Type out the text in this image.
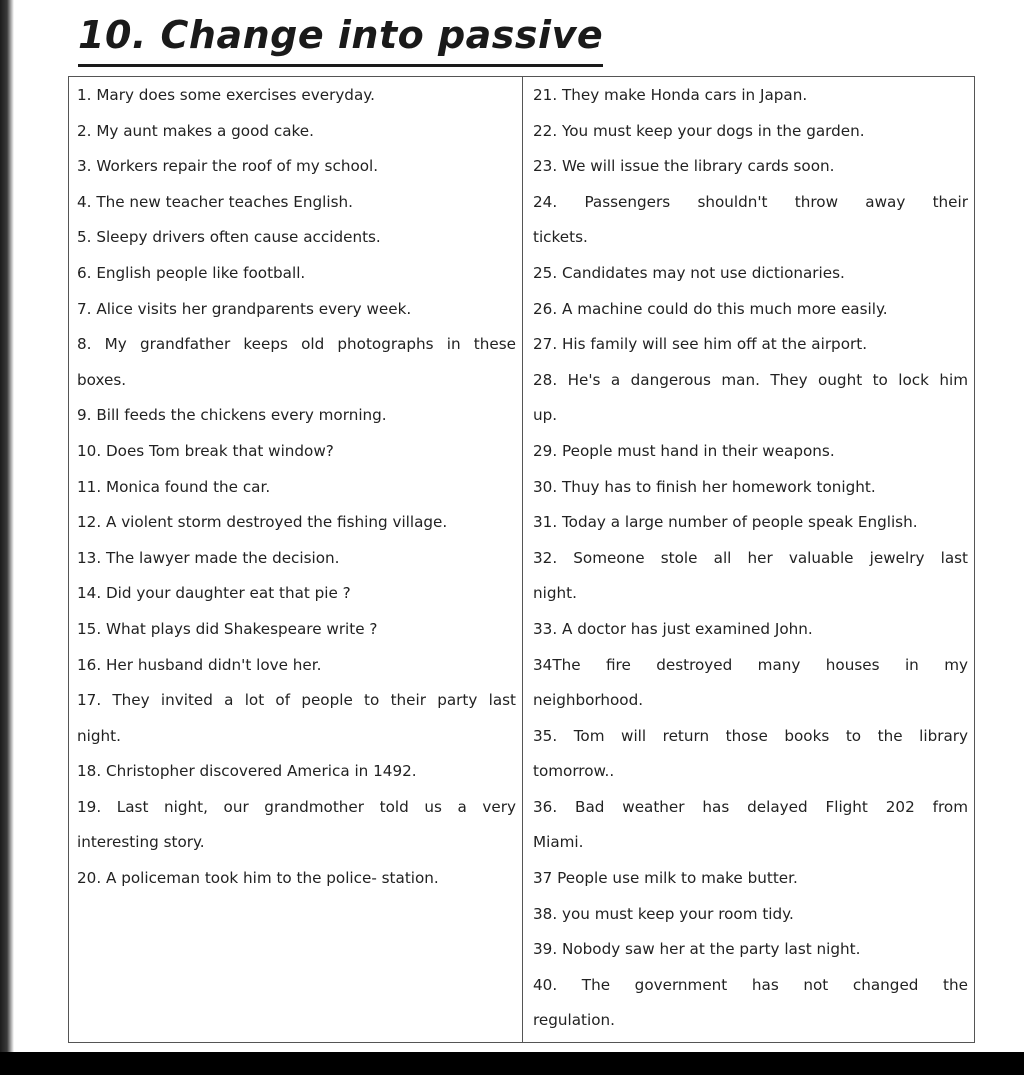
10. Change into passive
1. Mary does some exercises everyday.
2. My aunt makes a good cake.
3. Workers repair the roof of my school.
4. The new teacher teaches English.
5. Sleepy drivers often cause accidents.
6. English people like football.
7. Alice visits her grandparents every week.
8. My grandfather keeps old photographs in these
boxes.
9. Bill feeds the chickens every morning.
10. Does Tom break that window?
11. Monica found the car.
12. A violent storm destroyed the fishing village.
13. The lawyer made the decision.
14. Did your daughter eat that pie ?
15. What plays did Shakespeare write ?
16. Her husband didn't love her.
17. They invited a lot of people to their party last
night.
18. Christopher discovered America in 1492.
19. Last night, our grandmother told us a very
interesting story.
20. A policeman took him to the police- station.
21. They make Honda cars in Japan.
22. You must keep your dogs in the garden.
23. We will issue the library cards soon.
24. Passengers shouldn't throw away their
tickets.
25. Candidates may not use dictionaries.
26. A machine could do this much more easily.
27. His family will see him off at the airport.
28. He's a dangerous man. They ought to lock him
up.
29. People must hand in their weapons.
30. Thuy has to finish her homework tonight.
31. Today a large number of people speak English.
32. Someone stole all her valuable jewelry last
night.
33. A doctor has just examined John.
34The fire destroyed many houses in my
neighborhood.
35. Tom will return those books to the library
tomorrow..
36. Bad weather has delayed Flight 202 from
Miami.
37 People use milk to make butter.
38. you must keep your room tidy.
39. Nobody saw her at the party last night.
40. The government has not changed the
regulation.
